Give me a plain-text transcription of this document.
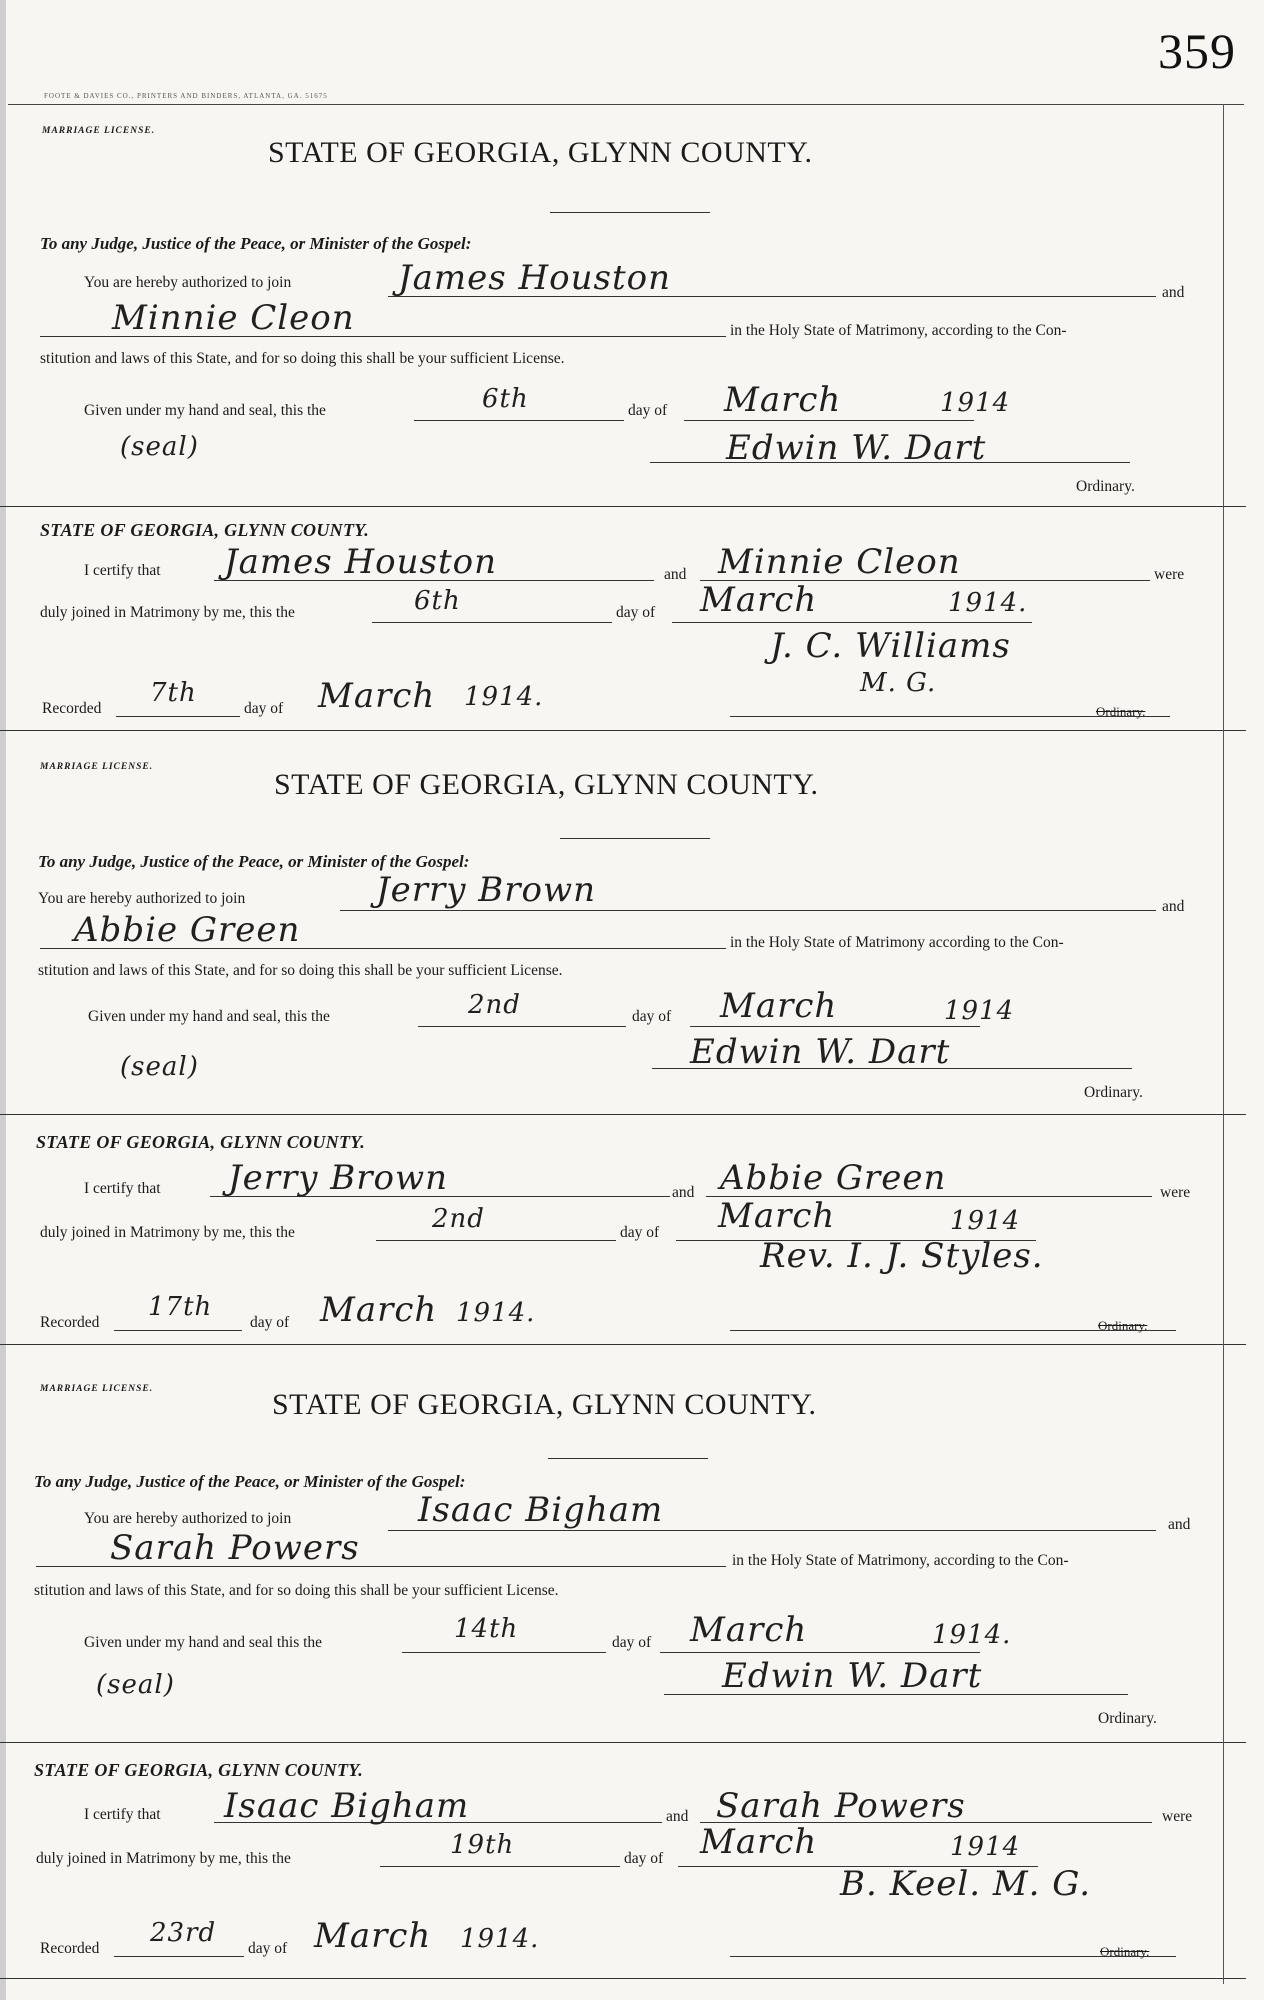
359
FOOTE & DAVIES CO., PRINTERS AND BINDERS, ATLANTA, GA. 51675
MARRIAGE LICENSE.
STATE OF GEORGIA, GLYNN COUNTY.
To any Judge, Justice of the Peace, or Minister of the Gospel:
You are hereby authorized to join	James Houston	and
Minnie Cleon	in the Holy State of Matrimony, according to the Con-
stitution and laws of this State, and for so doing this shall be your sufficient License.
Given under my hand and seal, this the	6th	day of March	1914
(seal)	Edwin W. Dart
Ordinary.
STATE OF GEORGIA, GLYNN COUNTY.
I certify that James Houston	and Minnie Cleon	were
duly joined in Matrimony by me, this the	6th	day of March	1914.
J. C. Williams
M. G.
Recorded
7th
day of March 1914.	Ordinary.
MARRIAGE LICENSE.
STATE OF GEORGIA, GLYNN COUNTY.
To any Judge, Justice of the Peace, or Minister of the Gospel:
You are hereby authorized to join	Jerry Brown	and
Abbie Green	in the Holy State of Matrimony according to the Con-
stitution and laws of this State, and for so doing this shall be your sufficient License.
Given under my hand and seal, this the	2nd	day of March	1914
(seal)	Edwin W. Dart
Ordinary.
STATE OF GEORGIA, GLYNN COUNTY.
I certify that Jerry Brown	and Abbie Green	were
duly joined in Matrimony by me, this the	2nd	day of March	1914
Rev. I. J. Styles.
Recorded
17th
day of March 1914.	Ordinary.
MARRIAGE LICENSE.	STATE OF GEORGIA, GLYNN COUNTY.
To any Judge, Justice of the Peace, or Minister of the Gospel:
You are hereby authorized to join	Isaac Bigham	and
Sarah Powers	in the Holy State of Matrimony, according to the Con-
stitution and laws of this State, and for so doing this shall be your sufficient License.
Given under my hand and seal this the	14th	day of March	1914.
(seal)	Edwin W. Dart
Ordinary.
STATE OF GEORGIA, GLYNN COUNTY.
I certify that Isaac Bigham	and Sarah Powers	were
duly joined in Matrimony by me, this the	19th	day of March	1914
B. Keel. M. G.
Recorded
23rd
day of March 1914.	Ordinary.
